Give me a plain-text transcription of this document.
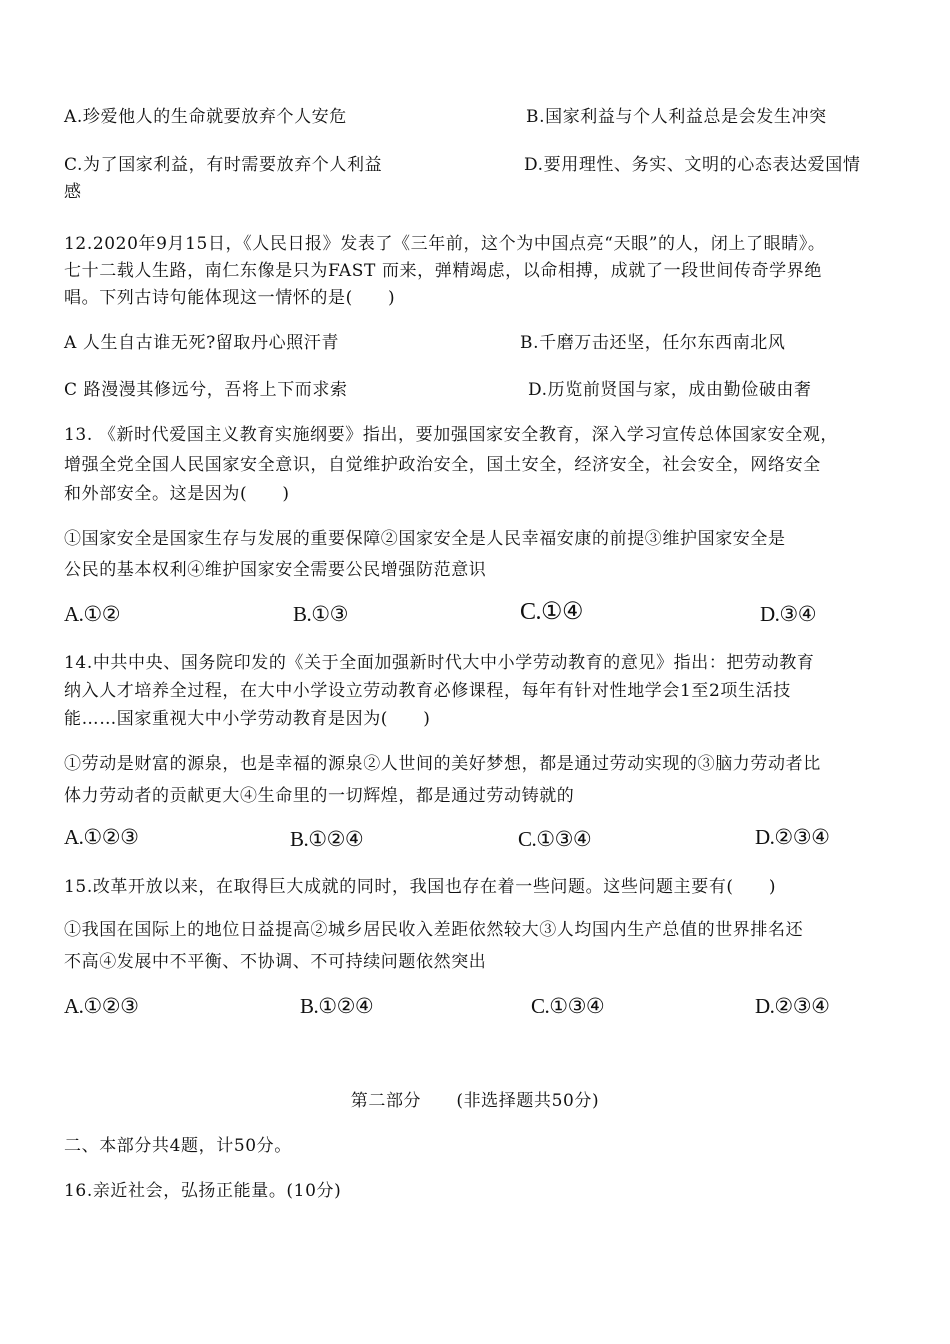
A.珍爱他人的生命就要放弃个人安危	B.国家利益与个人利益总是会发生冲突
C.为了国家利益，有时需要放弃个人利益	D.要用理性、务实、文明的心态表达爱国情
感
12.2020年9月15日，《人民日报》发表了《三年前，这个为中国点亮“天眼”的人，闭上了眼睛》。
七十二载人生路，南仁东像是只为FAST 而来，弹精竭虑，以命相搏，成就了一段世间传奇学界绝
唱。下列古诗句能体现这一情怀的是(　　)
A 人生自古谁无死?留取丹心照汗青	B.千磨万击还坚，任尔东西南北风
C 路漫漫其修远兮，吾将上下而求索	D.历览前贤国与家，成由勤俭破由奢
13. 《新时代爱国主义教育实施纲要》指出，要加强国家安全教育，深入学习宣传总体国家安全观，
增强全党全国人民国家安全意识，自觉维护政治安全，国土安全，经济安全，社会安全，网络安全
和外部安全。这是因为(　　)
①国家安全是国家生存与发展的重要保障②国家安全是人民幸福安康的前提③维护国家安全是
公民的基本权利④维护国家安全需要公民增强防范意识
A.①②	B.①③	C.①④	D.③④
14.中共中央、国务院印发的《关于全面加强新时代大中小学劳动教育的意见》指出：把劳动教育
纳入人才培养全过程，在大中小学设立劳动教育必修课程，每年有针对性地学会1至2项生活技
能……国家重视大中小学劳动教育是因为(　　)
①劳动是财富的源泉，也是幸福的源泉②人世间的美好梦想，都是通过劳动实现的③脑力劳动者比
体力劳动者的贡献更大④生命里的一切辉煌，都是通过劳动铸就的
A.①②③	B.①②④	C.①③④	D.②③④
15.改革开放以来，在取得巨大成就的同时，我国也存在着一些问题。这些问题主要有(　　)
①我国在国际上的地位日益提高②城乡居民收入差距依然较大③人均国内生产总值的世界排名还
不高④发展中不平衡、不协调、不可持续问题依然突出
A.①②③	B.①②④	C.①③④	D.②③④
第二部分　　(非选择题共50分)
二、本部分共4题，计50分。
16.亲近社会，弘扬正能量。(10分)
